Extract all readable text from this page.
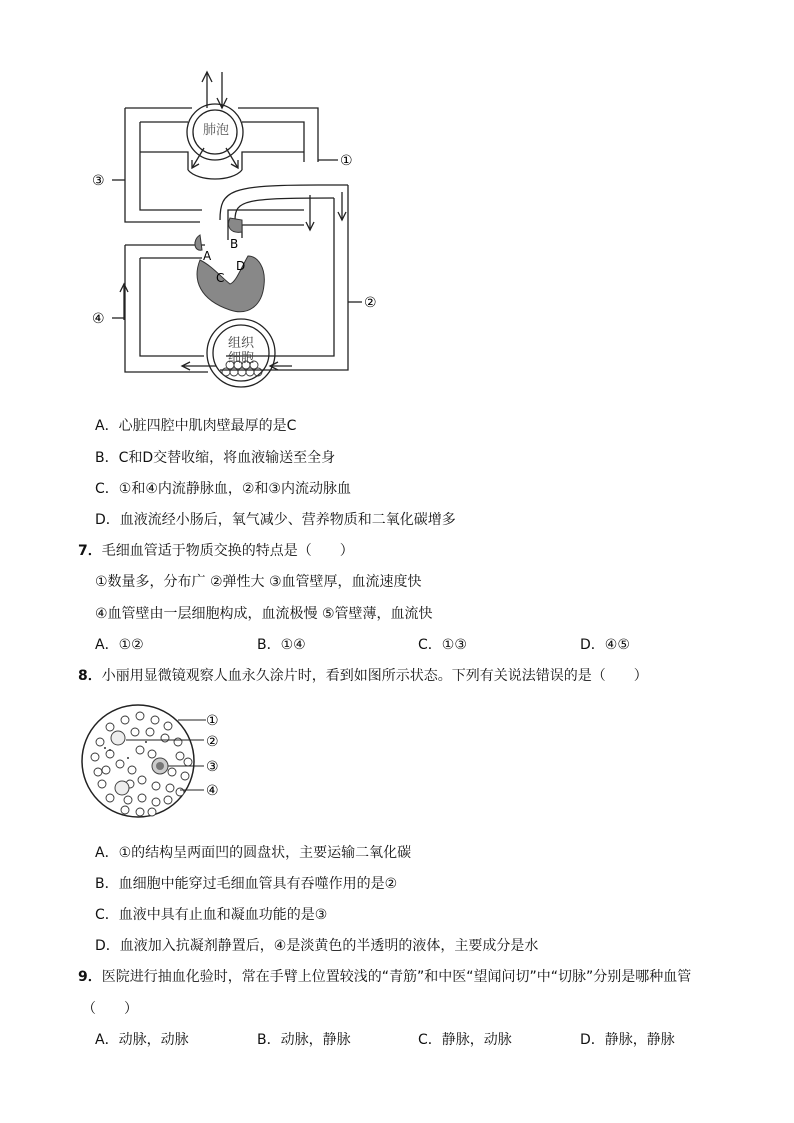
肺泡
组织
细胞
③
①
②
④
A
B
C
D
A．心脏四腔中肌肉壁最厚的是C
B．C和D交替收缩，将血液输送至全身
C．①和④内流静脉血，②和③内流动脉血
D．血液流经小肠后，氧气减少、营养物质和二氧化碳增多
7．毛细血管适于物质交换的特点是（　　）
①数量多，分布广 ②弹性大 ③血管壁厚，血流速度快
④血管壁由一层细胞构成，血流极慢 ⑤管壁薄，血流快
A．①②	B．①④	C．①③	D．④⑤
8．小丽用显微镜观察人血永久涂片时，看到如图所示状态。下列有关说法错误的是（　　）
①
②
③
④
A．①的结构呈两面凹的圆盘状，主要运输二氧化碳
B．血细胞中能穿过毛细血管具有吞噬作用的是②
C．血液中具有止血和凝血功能的是③
D．血液加入抗凝剂静置后，④是淡黄色的半透明的液体，主要成分是水
9．医院进行抽血化验时，常在手臂上位置较浅的“青筋”和中医“望闻问切”中“切脉”分别是哪种血管
（　　）
A．动脉，动脉	B．动脉，静脉	C．静脉，动脉	D．静脉，静脉
